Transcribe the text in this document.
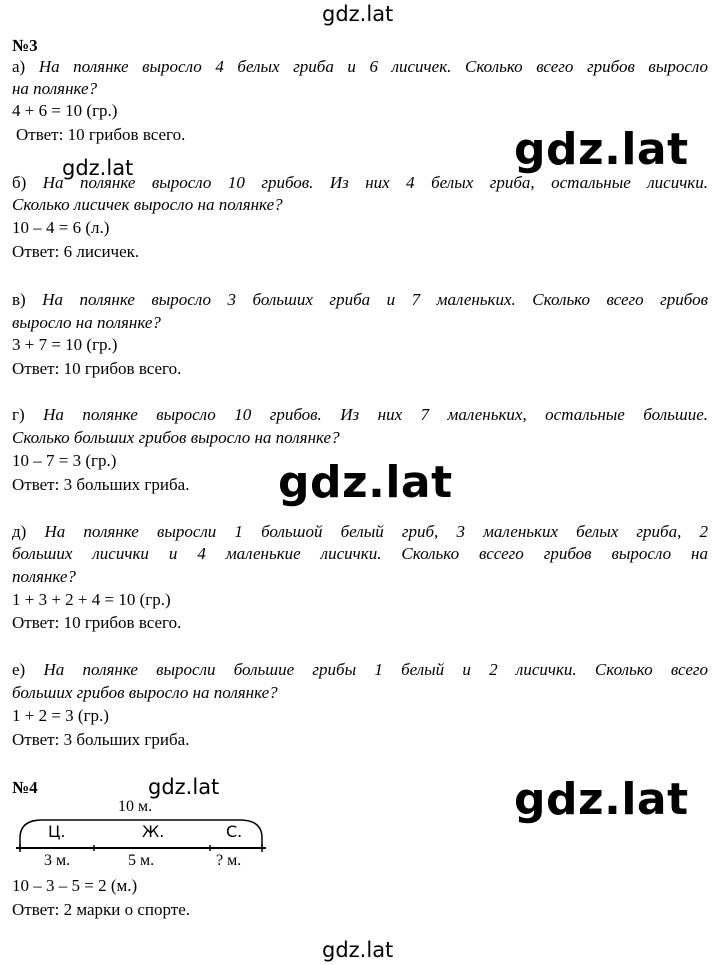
gdz.lat
gdz.lat	gdz.lat
gdz.lat
gdz.lat	gdz.lat
gdz.lat
№3
а) На полянке выросло 4 белых гриба и 6 лисичек. Сколько всего грибов выросло
на полянке?
4 + 6 = 10 (гр.)
Ответ: 10 грибов всего.
б) На полянке выросло 10 грибов. Из них 4 белых гриба, остальные лисички.
Сколько лисичек выросло на полянке?
10 – 4 = 6 (л.)
Ответ: 6 лисичек.
в) На полянке выросло 3 больших гриба и 7 маленьких. Сколько всего грибов
выросло на полянке?
3 + 7 = 10 (гр.)
Ответ: 10 грибов всего.
г) На полянке выросло 10 грибов. Из них 7 маленьких, остальные большие.
Сколько больших грибов выросло на полянке?
10 – 7 = 3 (гр.)
Ответ: 3 больших гриба.
д) На полянке выросли 1 большой белый гриб, 3 маленьких белых гриба, 2
больших лисички и 4 маленькие лисички. Сколько вссего грибов выросло на
полянке?
1 + 3 + 2 + 4 = 10 (гр.)
Ответ: 10 грибов всего.
е) На полянке выросли большие грибы 1 белый и 2 лисички. Сколько всего
больших грибов выросло на полянке?
1 + 2 = 3 (гр.)
Ответ: 3 больших гриба.
№4
10 м.
Ц.	Ж.	С.
3 м.	5 м.	? м.
10 – 3 – 5 = 2 (м.)
Ответ: 2 марки о спорте.
